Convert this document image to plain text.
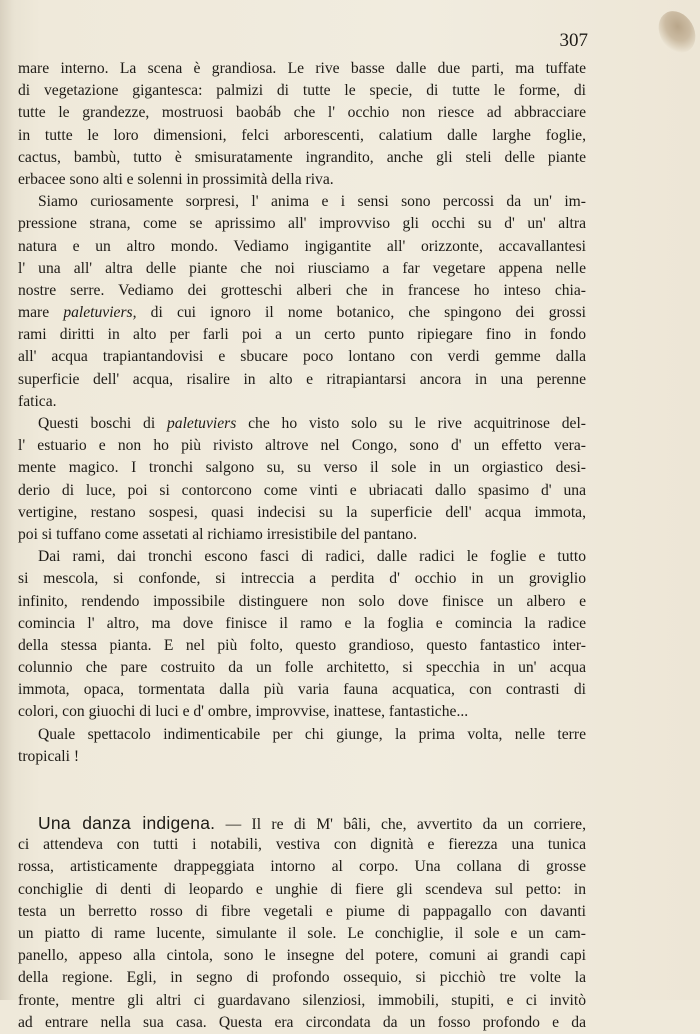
307
mare interno. La scena è grandiosa. Le rive basse dalle due parti, ma tuffate
di vegetazione gigantesca: palmizi di tutte le specie, di tutte le forme, di
tutte le grandezze, mostruosi baobáb che l' occhio non riesce ad abbracciare
in tutte le loro dimensioni, felci arborescenti, calatium dalle larghe foglie,
cactus, bambù, tutto è smisuratamente ingrandito, anche gli steli delle piante
erbacee sono alti e solenni in prossimità della riva.
Siamo curiosamente sorpresi, l' anima e i sensi sono percossi da un' im-
pressione strana, come se aprissimo all' improvviso gli occhi su d' un' altra
natura e un altro mondo. Vediamo ingigantite all' orizzonte, accavallantesi
l' una all' altra delle piante che noi riusciamo a far vegetare appena nelle
nostre serre. Vediamo dei grotteschi alberi che in francese ho inteso chia-
mare paletuviers, di cui ignoro il nome botanico, che spingono dei grossi
rami diritti in alto per farli poi a un certo punto ripiegare fino in fondo
all' acqua trapiantandovisi e sbucare poco lontano con verdi gemme dalla
superficie dell' acqua, risalire in alto e ritrapiantarsi ancora in una perenne
fatica.
Questi boschi di paletuviers che ho visto solo su le rive acquitrinose del-
l' estuario e non ho più rivisto altrove nel Congo, sono d' un effetto vera-
mente magico. I tronchi salgono su, su verso il sole in un orgiastico desi-
derio di luce, poi si contorcono come vinti e ubriacati dallo spasimo d' una
vertigine, restano sospesi, quasi indecisi su la superficie dell' acqua immota,
poi si tuffano come assetati al richiamo irresistibile del pantano.
Dai rami, dai tronchi escono fasci di radici, dalle radici le foglie e tutto
si mescola, si confonde, si intreccia a perdita d' occhio in un groviglio
infinito, rendendo impossibile distinguere non solo dove finisce un albero e
comincia l' altro, ma dove finisce il ramo e la foglia e comincia la radice
della stessa pianta. E nel più folto, questo grandioso, questo fantastico inter-
colunnio che pare costruito da un folle architetto, si specchia in un' acqua
immota, opaca, tormentata dalla più varia fauna acquatica, con contrasti di
colori, con giuochi di luci e d' ombre, improvvise, inattese, fantastiche...
Quale spettacolo indimenticabile per chi giunge, la prima volta, nelle terre
tropicali !
Una danza indigena. — Il re di M' bâli, che, avvertito da un corriere,
ci attendeva con tutti i notabili, vestiva con dignità e fierezza una tunica
rossa, artisticamente drappeggiata intorno al corpo. Una collana di grosse
conchiglie di denti di leopardo e unghie di fiere gli scendeva sul petto: in
testa un berretto rosso di fibre vegetali e piume di pappagallo con davanti
un piatto di rame lucente, simulante il sole. Le conchiglie, il sole e un cam-
panello, appeso alla cintola, sono le insegne del potere, comuni ai grandi capi
della regione. Egli, in segno di profondo ossequio, si picchiò tre volte la
fronte, mentre gli altri ci guardavano silenziosi, immobili, stupiti, e ci invitò
ad entrare nella sua casa. Questa era circondata da un fosso profondo e da
